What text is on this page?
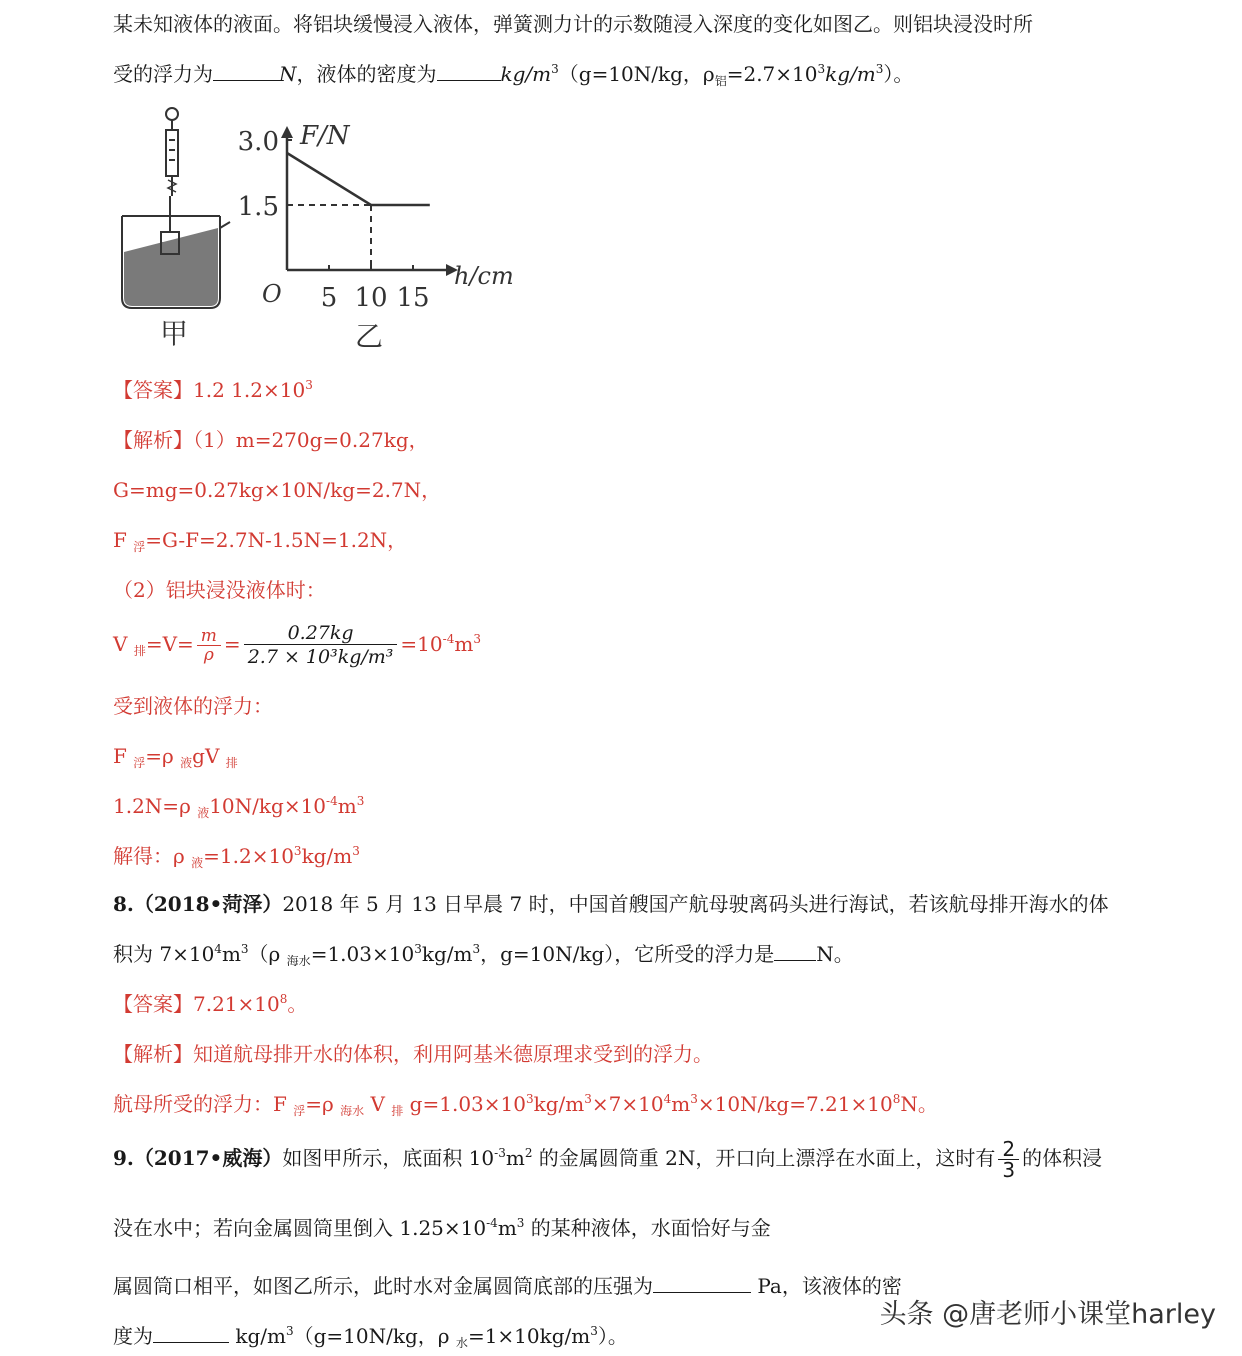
某未知液体的液面。将铝块缓慢浸入液体，弹簧测力计的示数随浸入深度的变化如图乙。则铝块浸没时所
受的浮力为	N，液体的密度为	$kg/m^3(g=10N/kg$，$\rho_铝=2.7\times 10^3kg/m^3$）。
甲
5 10 15
3.0
1.5
F/N
h/cm
O
乙
【答案】1.2 $1.2\times 10^3$
【解析】（1）m=270g=0.27kg，
G=mg=0.27kg×10N/kg=2.7N，
F $_浮$=G-F=2.7N-1.5N=1.2N，
（2）铝块浸没液体时：
V $_排=V= \frac{m}{\rho} = \frac{0.27kg}{\text{2.7 × 10³kg/m³}} =10^{-4}m^3$
受到液体的浮力：
F $_浮$=ρ $_液$gV $_排$
1.2N=ρ $_液10N/kg\times 10^{-4}m^3$
解得：ρ $_液=1.2\times 10^3kg/m^3$
8.（2018•菏泽）2018 年 5 月 13 日早晨 7 时，中国首艘国产航母驶离码头进行海试，若该航母排开海水的体
积为 $7\times 10^4m^3(\rho$ $_{海水}=1.03\times 10^3kg/m^3$，g=10N/kg），它所受的浮力是 N。
【答案】$7.21\times 10^8$。
【解析】知道航母排开水的体积，利用阿基米德原理求受到的浮力。
航母所受的浮力：F $_浮$=ρ $_{海水}$ V $_排$ $g=1.03\times 10^3kg/m^3\times 7\times 10^4m^3\times 10N/kg=7.21\times 10^8N$。
9.（2017•威海）如图甲所示，底面积 $10^{-3}m^2$ 的金属圆筒重 2N，开口向上漂浮在水面上，这时有 $\frac{2}{3}$ 的体积浸
没在水中；若向金属圆筒里倒入 $1.25\times 10^{-4}m^3$ 的某种液体，水面恰好与金
属圆筒口相平，如图乙所示，此时水对金属圆筒底部的压强为	Pa，该液体的密
度为	$kg/m^3(g=10N/kg$，ρ $_水=1\times 10kg/m^3$）。
头条 @唐老师小课堂harley
